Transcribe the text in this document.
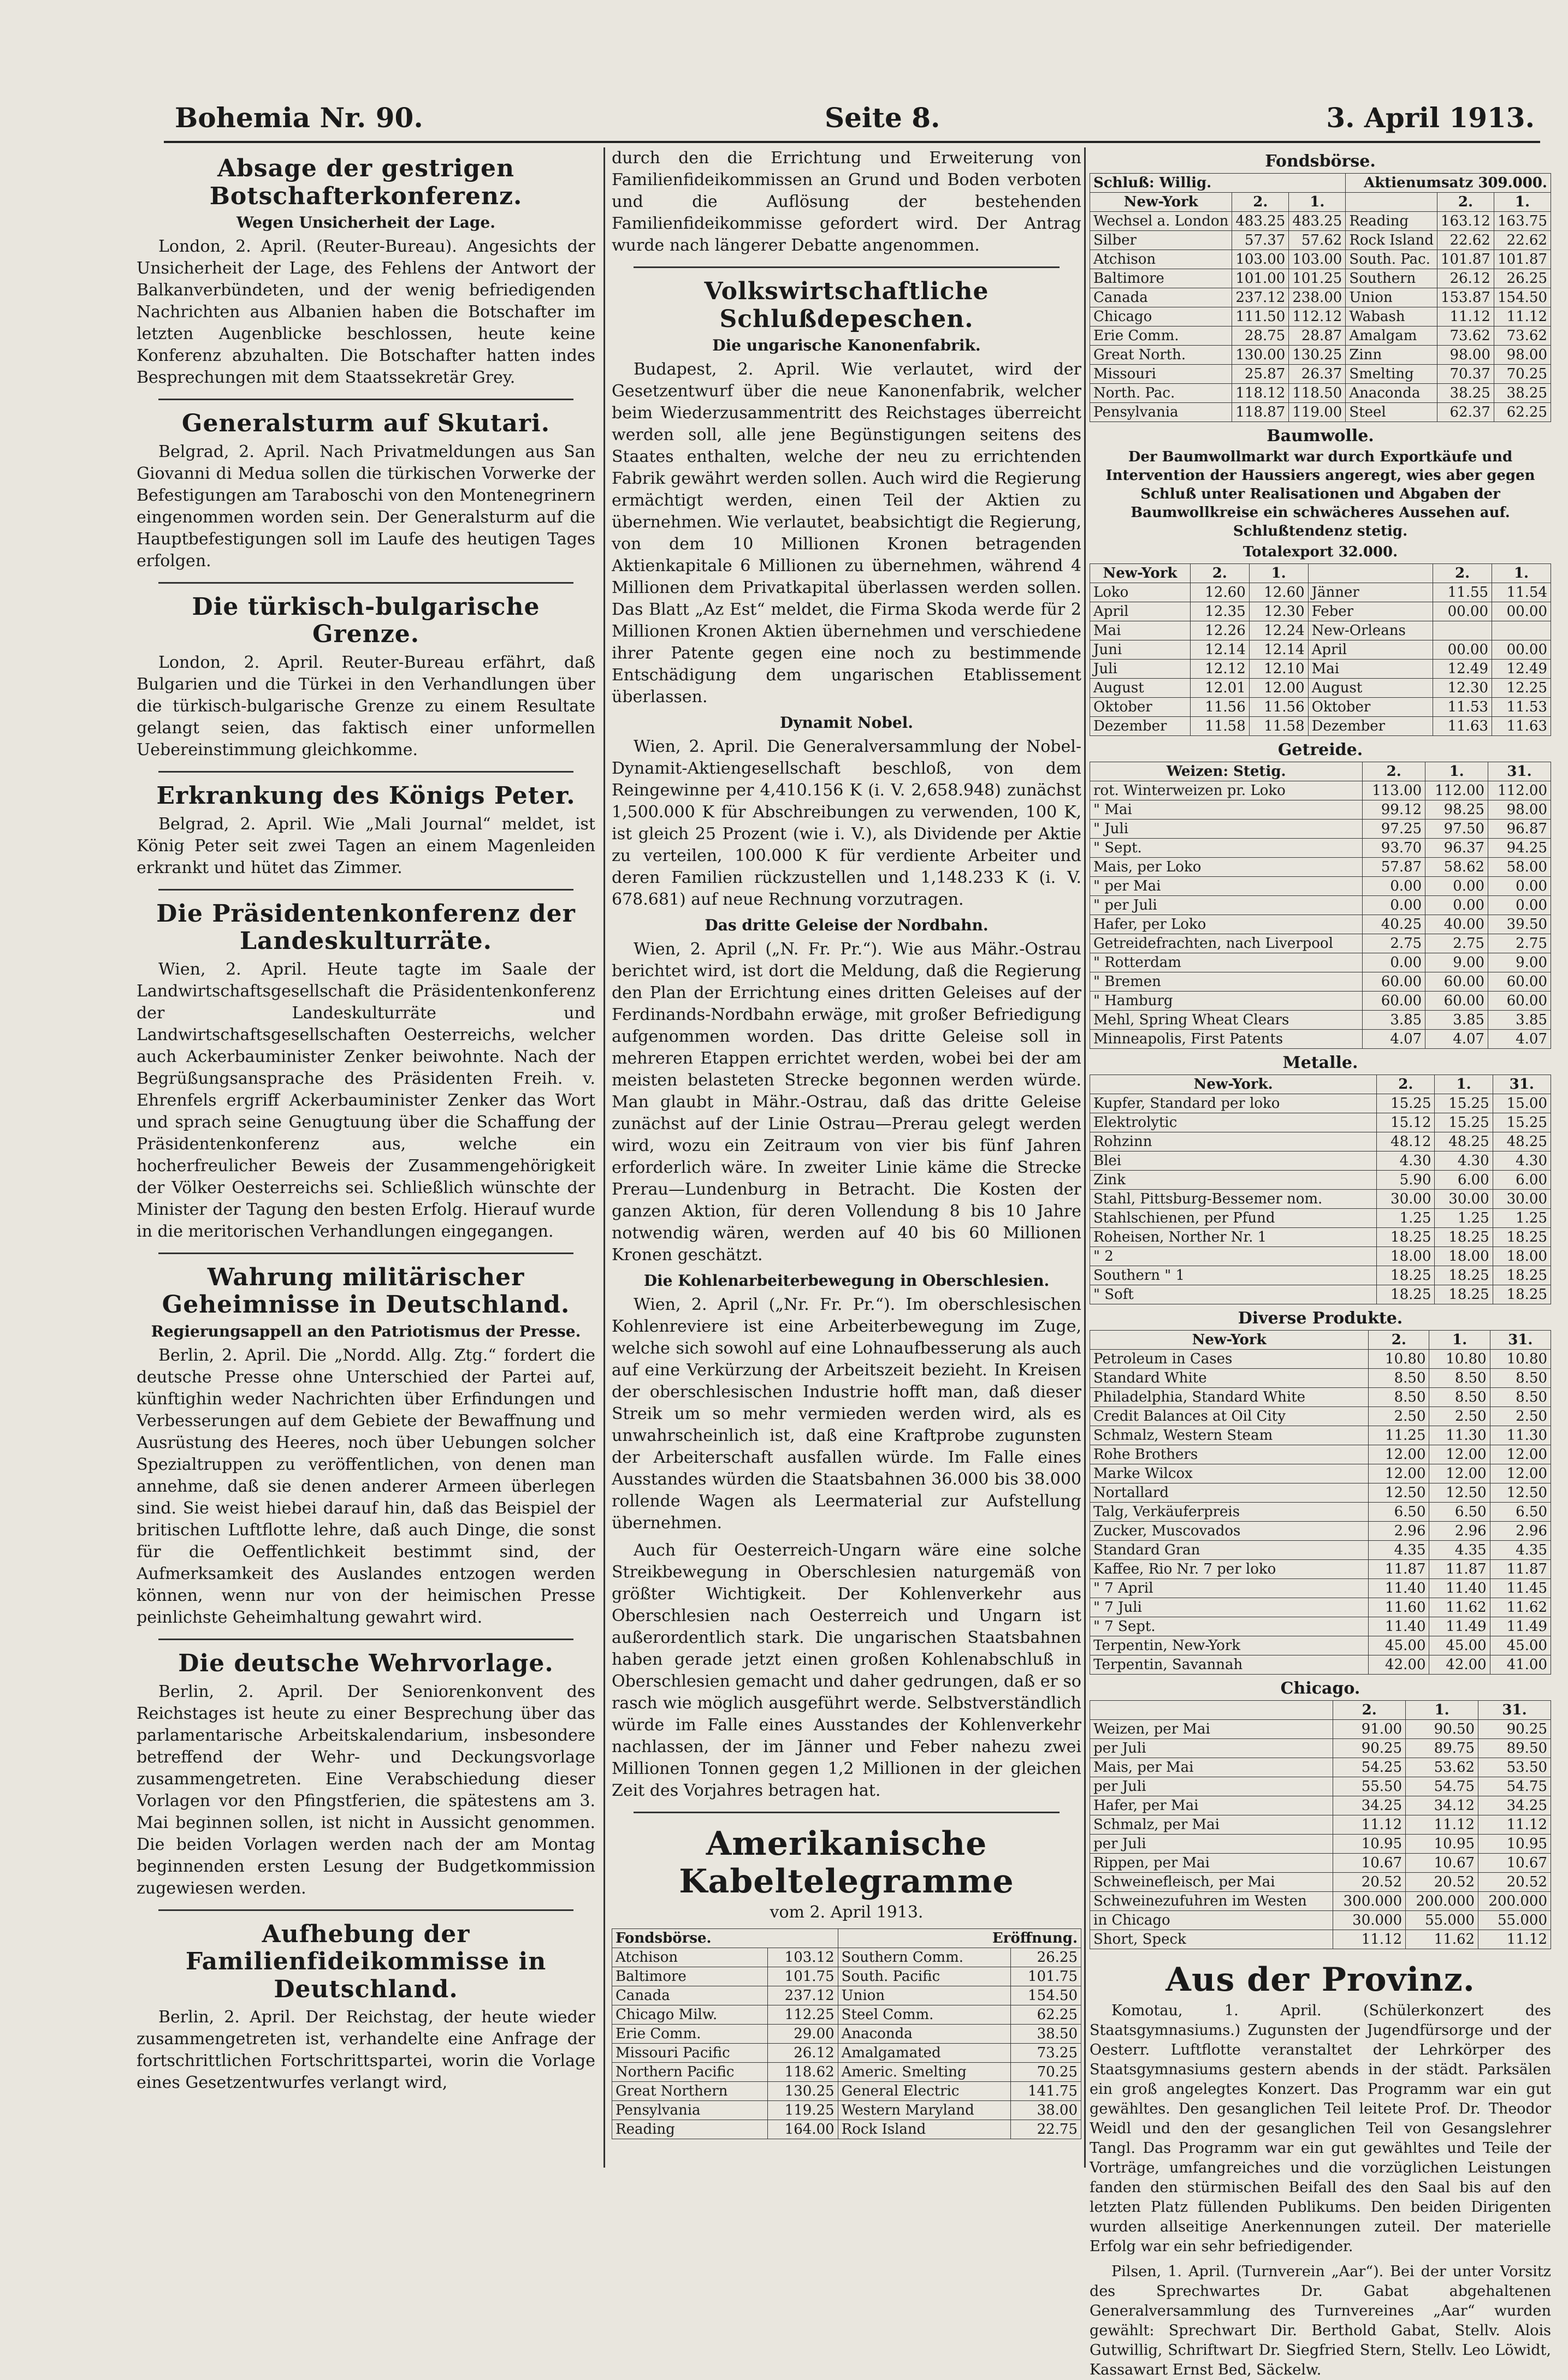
Bohemia Nr. 90.	Seite 8.	3. April 1913.
Absage der gestrigen Botschafterkonferenz.
Wegen Unsicherheit der Lage.

London, 2. April. (Reuter-Bureau). Angesichts der Unsicherheit der Lage, des Fehlens der Antwort der Balkanverbündeten, und der wenig befriedigenden Nachrichten aus Albanien haben die Botschafter im letzten Augenblicke beschlossen, heute keine Konferenz abzuhalten. Die Botschafter hatten indes Besprechungen mit dem Staatssekretär Grey.

Generalsturm auf Skutari.

Belgrad, 2. April. Nach Privatmeldungen aus San Giovanni di Medua sollen die türkischen Vorwerke der Befestigungen am Taraboschi von den Montenegrinern eingenommen worden sein. Der Generalsturm auf die Hauptbefestigungen soll im Laufe des heutigen Tages erfolgen.

Die türkisch-bulgarische Grenze.

London, 2. April. Reuter-Bureau erfährt, daß Bulgarien und die Türkei in den Verhandlungen über die türkisch-bulgarische Grenze zu einem Resultate gelangt seien, das faktisch einer unformellen Uebereinstimmung gleichkomme.

Erkrankung des Königs Peter.

Belgrad, 2. April. Wie „Mali Journal“ meldet, ist König Peter seit zwei Tagen an einem Magenleiden erkrankt und hütet das Zimmer.

Die Präsidentenkonferenz der Landeskulturräte.

Wien, 2. April. Heute tagte im Saale der Landwirtschaftsgesellschaft die Präsidentenkonferenz der Landeskulturräte und Landwirtschaftsgesellschaften Oesterreichs, welcher auch Ackerbauminister Zenker beiwohnte. Nach der Begrüßungsansprache des Präsidenten Freih. v. Ehrenfels ergriff Ackerbauminister Zenker das Wort und sprach seine Genugtuung über die Schaffung der Präsidentenkonferenz aus, welche ein hocherfreulicher Beweis der Zusammengehörigkeit der Völker Oesterreichs sei. Schließlich wünschte der Minister der Tagung den besten Erfolg. Hierauf wurde in die meritorischen Verhandlungen eingegangen.

Wahrung militärischer Geheimnisse in Deutschland.
Regierungsappell an den Patriotismus der Presse.

Berlin, 2. April. Die „Nordd. Allg. Ztg.“ fordert die deutsche Presse ohne Unterschied der Partei auf, künftighin weder Nachrichten über Erfindungen und Verbesserungen auf dem Gebiete der Bewaffnung und Ausrüstung des Heeres, noch über Uebungen solcher Spezialtruppen zu veröffentlichen, von denen man annehme, daß sie denen anderer Armeen überlegen sind. Sie weist hiebei darauf hin, daß das Beispiel der britischen Luftflotte lehre, daß auch Dinge, die sonst für die Oeffentlichkeit bestimmt sind, der Aufmerksamkeit des Auslandes entzogen werden können, wenn nur von der heimischen Presse peinlichste Geheimhaltung gewahrt wird.

Die deutsche Wehrvorlage.

Berlin, 2. April. Der Seniorenkonvent des Reichstages ist heute zu einer Besprechung über das parlamentarische Arbeitskalendarium, insbesondere betreffend der Wehr- und Deckungsvorlage zusammengetreten. Eine Verabschiedung dieser Vorlagen vor den Pfingstferien, die spätestens am 3. Mai beginnen sollen, ist nicht in Aussicht genommen. Die beiden Vorlagen werden nach der am Montag beginnenden ersten Lesung der Budgetkommission zugewiesen werden.

Aufhebung der Familienfideikommisse in Deutschland.

Berlin, 2. April. Der Reichstag, der heute wieder zusammengetreten ist, verhandelte eine Anfrage der fortschrittlichen Fortschrittspartei, worin die Vorlage eines Gesetzentwurfes verlangt wird,

durch den die Errichtung und Erweiterung von Familienfideikommissen an Grund und Boden verboten und die Auflösung der bestehenden Familienfideikommisse gefordert wird. Der Antrag wurde nach längerer Debatte angenommen.

Volkswirtschaftliche Schlußdepeschen.
Die ungarische Kanonenfabrik.

Budapest, 2. April. Wie verlautet, wird der Gesetzentwurf über die neue Kanonenfabrik, welcher beim Wiederzusammentritt des Reichstages überreicht werden soll, alle jene Begünstigungen seitens des Staates enthalten, welche der neu zu errichtenden Fabrik gewährt werden sollen. Auch wird die Regierung ermächtigt werden, einen Teil der Aktien zu übernehmen. Wie verlautet, beabsichtigt die Regierung, von dem 10 Millionen Kronen betragenden Aktienkapitale 6 Millionen zu übernehmen, während 4 Millionen dem Privatkapital überlassen werden sollen. Das Blatt „Az Est“ meldet, die Firma Skoda werde für 2 Millionen Kronen Aktien übernehmen und verschiedene ihrer Patente gegen eine noch zu bestimmende Entschädigung dem ungarischen Etablissement überlassen.

Dynamit Nobel.

Wien, 2. April. Die Generalversammlung der Nobel-Dynamit-Aktiengesellschaft beschloß, von dem Reingewinne per 4,410.156 K (i. V. 2,658.948) zunächst 1,500.000 K für Abschreibungen zu verwenden, 100 K, ist gleich 25 Prozent (wie i. V.), als Dividende per Aktie zu verteilen, 100.000 K für verdiente Arbeiter und deren Familien rückzustellen und 1,148.233 K (i. V. 678.681) auf neue Rechnung vorzutragen.

Das dritte Geleise der Nordbahn.

Wien, 2. April („N. Fr. Pr.“). Wie aus Mähr.-Ostrau berichtet wird, ist dort die Meldung, daß die Regierung den Plan der Errichtung eines dritten Geleises auf der Ferdinands-Nordbahn erwäge, mit großer Befriedigung aufgenommen worden. Das dritte Geleise soll in mehreren Etappen errichtet werden, wobei bei der am meisten belasteten Strecke begonnen werden würde. Man glaubt in Mähr.-Ostrau, daß das dritte Geleise zunächst auf der Linie Ostrau—Prerau gelegt werden wird, wozu ein Zeitraum von vier bis fünf Jahren erforderlich wäre. In zweiter Linie käme die Strecke Prerau—Lundenburg in Betracht. Die Kosten der ganzen Aktion, für deren Vollendung 8 bis 10 Jahre notwendig wären, werden auf 40 bis 60 Millionen Kronen geschätzt.

Die Kohlenarbeiterbewegung in Oberschlesien.

Wien, 2. April („Nr. Fr. Pr.“). Im oberschlesischen Kohlenreviere ist eine Arbeiterbewegung im Zuge, welche sich sowohl auf eine Lohnaufbesserung als auch auf eine Verkürzung der Arbeitszeit bezieht. In Kreisen der oberschlesischen Industrie hofft man, daß dieser Streik um so mehr vermieden werden wird, als es unwahrscheinlich ist, daß eine Kraftprobe zugunsten der Arbeiterschaft ausfallen würde. Im Falle eines Ausstandes würden die Staatsbahnen 36.000 bis 38.000 rollende Wagen als Leermaterial zur Aufstellung übernehmen.

Auch für Oesterreich-Ungarn wäre eine solche Streikbewegung in Oberschlesien naturgemäß von größter Wichtigkeit. Der Kohlenverkehr aus Oberschlesien nach Oesterreich und Ungarn ist außerordentlich stark. Die ungarischen Staatsbahnen haben gerade jetzt einen großen Kohlenabschluß in Oberschlesien gemacht und daher gedrungen, daß er so rasch wie möglich ausgeführt werde. Selbstverständlich würde im Falle eines Ausstandes der Kohlenverkehr nachlassen, der im Jänner und Feber nahezu zwei Millionen Tonnen gegen 1,2 Millionen in der gleichen Zeit des Vorjahres betragen hat.

Amerikanische Kabeltelegramme
vom 2. April 1913.
Fondsbörse.		Eröffnung.	
Atchison	103.12	Southern Comm.	26.25
Baltimore	101.75	South. Pacific	101.75
Canada	237.12	Union	154.50
Chicago Milw.	112.25	Steel Comm.	62.25
Erie Comm.	29.00	Anaconda	38.50
Missouri Pacific	26.12	Amalgamated	73.25
Northern Pacific	118.62	Americ. Smelting	70.25
Great Northern	130.25	General Electric	141.75
Pensylvania	119.25	Western Maryland	38.00
Reading	164.00	Rock Island	22.75
Fondsbörse.
Schluß: Willig.			Aktienumsatz 309.000.		
New-York	2.	1.		2.	1.
Wechsel a. London	483.25	483.25	Reading	163.12	163.75
Silber	57.37	57.62	Rock Island	22.62	22.62
Atchison	103.00	103.00	South. Pac.	101.87	101.87
Baltimore	101.00	101.25	Southern	26.12	26.25
Canada	237.12	238.00	Union	153.87	154.50
Chicago	111.50	112.12	Wabash	11.12	11.12
Erie Comm.	28.75	28.87	Amalgam	73.62	73.62
Great North.	130.00	130.25	Zinn	98.00	98.00
Missouri	25.87	26.37	Smelting	70.37	70.25
North. Pac.	118.12	118.50	Anaconda	38.25	38.25
Pensylvania	118.87	119.00	Steel	62.37	62.25
Baumwolle.
Der Baumwollmarkt war durch Exportkäufe und Intervention der Haussiers angeregt, wies aber gegen Schluß unter Realisationen und Abgaben der Baumwollkreise ein schwächeres Aussehen auf. Schlußtendenz stetig.
Totalexport 32.000.
New-York	2.	1.		2.	1.
Loko	12.60	12.60	Jänner	11.55	11.54
April	12.35	12.30	Feber	00.00	00.00
Mai	12.26	12.24	New-Orleans		
Juni	12.14	12.14	April	00.00	00.00
Juli	12.12	12.10	Mai	12.49	12.49
August	12.01	12.00	August	12.30	12.25
Oktober	11.56	11.56	Oktober	11.53	11.53
Dezember	11.58	11.58	Dezember	11.63	11.63
Getreide.
Weizen: Stetig.	2.	1.	31.
rot. Winterweizen pr. Loko	113.00	112.00	112.00
" Mai	99.12	98.25	98.00
" Juli	97.25	97.50	96.87
" Sept.	93.70	96.37	94.25
Mais, per Loko	57.87	58.62	58.00
" per Mai	0.00	0.00	0.00
" per Juli	0.00	0.00	0.00
Hafer, per Loko	40.25	40.00	39.50
Getreidefrachten, nach Liverpool	2.75	2.75	2.75
" Rotterdam	0.00	9.00	9.00
" Bremen	60.00	60.00	60.00
" Hamburg	60.00	60.00	60.00
Mehl, Spring Wheat Clears	3.85	3.85	3.85
Minneapolis, First Patents	4.07	4.07	4.07
Metalle.
New-York.	2.	1.	31.
Kupfer, Standard per loko	15.25	15.25	15.00
Elektrolytic	15.12	15.25	15.25
Rohzinn	48.12	48.25	48.25
Blei	4.30	4.30	4.30
Zink	5.90	6.00	6.00
Stahl, Pittsburg-Bessemer nom.	30.00	30.00	30.00
Stahlschienen, per Pfund	1.25	1.25	1.25
Roheisen, Norther Nr. 1	18.25	18.25	18.25
" 2	18.00	18.00	18.00
Southern " 1	18.25	18.25	18.25
" Soft	18.25	18.25	18.25
Diverse Produkte.
New-York	2.	1.	31.
Petroleum in Cases	10.80	10.80	10.80
Standard White	8.50	8.50	8.50
Philadelphia, Standard White	8.50	8.50	8.50
Credit Balances at Oil City	2.50	2.50	2.50
Schmalz, Western Steam	11.25	11.30	11.30
Rohe Brothers	12.00	12.00	12.00
Marke Wilcox	12.00	12.00	12.00
Nortallard	12.50	12.50	12.50
Talg, Verkäuferpreis	6.50	6.50	6.50
Zucker, Muscovados	2.96	2.96	2.96
Standard Gran	4.35	4.35	4.35
Kaffee, Rio Nr. 7 per loko	11.87	11.87	11.87
" 7 April	11.40	11.40	11.45
" 7 Juli	11.60	11.62	11.62
" 7 Sept.	11.40	11.49	11.49
Terpentin, New-York	45.00	45.00	45.00
Terpentin, Savannah	42.00	42.00	41.00
Chicago.
	2.	1.	31.
Weizen, per Mai	91.00	90.50	90.25
per Juli	90.25	89.75	89.50
Mais, per Mai	54.25	53.62	53.50
per Juli	55.50	54.75	54.75
Hafer, per Mai	34.25	34.12	34.25
Schmalz, per Mai	11.12	11.12	11.12
per Juli	10.95	10.95	10.95
Rippen, per Mai	10.67	10.67	10.67
Schweinefleisch, per Mai	20.52	20.52	20.52
Schweinezufuhren im Westen	300.000	200.000	200.000
in Chicago	30.000	55.000	55.000
Short, Speck	11.12	11.62	11.12
Aus der Provinz.

Komotau, 1. April. (Schülerkonzert des Staatsgymnasiums.) Zugunsten der Jugendfürsorge und der Oesterr. Luftflotte veranstaltet der Lehrkörper des Staatsgymnasiums gestern abends in der städt. Parksälen ein groß angelegtes Konzert. Das Programm war ein gut gewähltes. Den gesanglichen Teil leitete Prof. Dr. Theodor Weidl und den der gesanglichen Teil von Gesangslehrer Tangl. Das Programm war ein gut gewähltes und Teile der Vorträge, umfangreiches und die vorzüglichen Leistungen fanden den stürmischen Beifall des den Saal bis auf den letzten Platz füllenden Publikums. Den beiden Dirigenten wurden allseitige Anerkennungen zuteil. Der materielle Erfolg war ein sehr befriedigender.

Pilsen, 1. April. (Turnverein „Aar“). Bei der unter Vorsitz des Sprechwartes Dr. Gabat abgehaltenen Generalversammlung des Turnvereines „Aar“ wurden gewählt: Sprechwart Dir. Berthold Gabat, Stellv. Alois Gutwillig, Schriftwart Dr. Siegfried Stern, Stellv. Leo Löwidt, Kassawart Ernst Bed, Säckelw.
